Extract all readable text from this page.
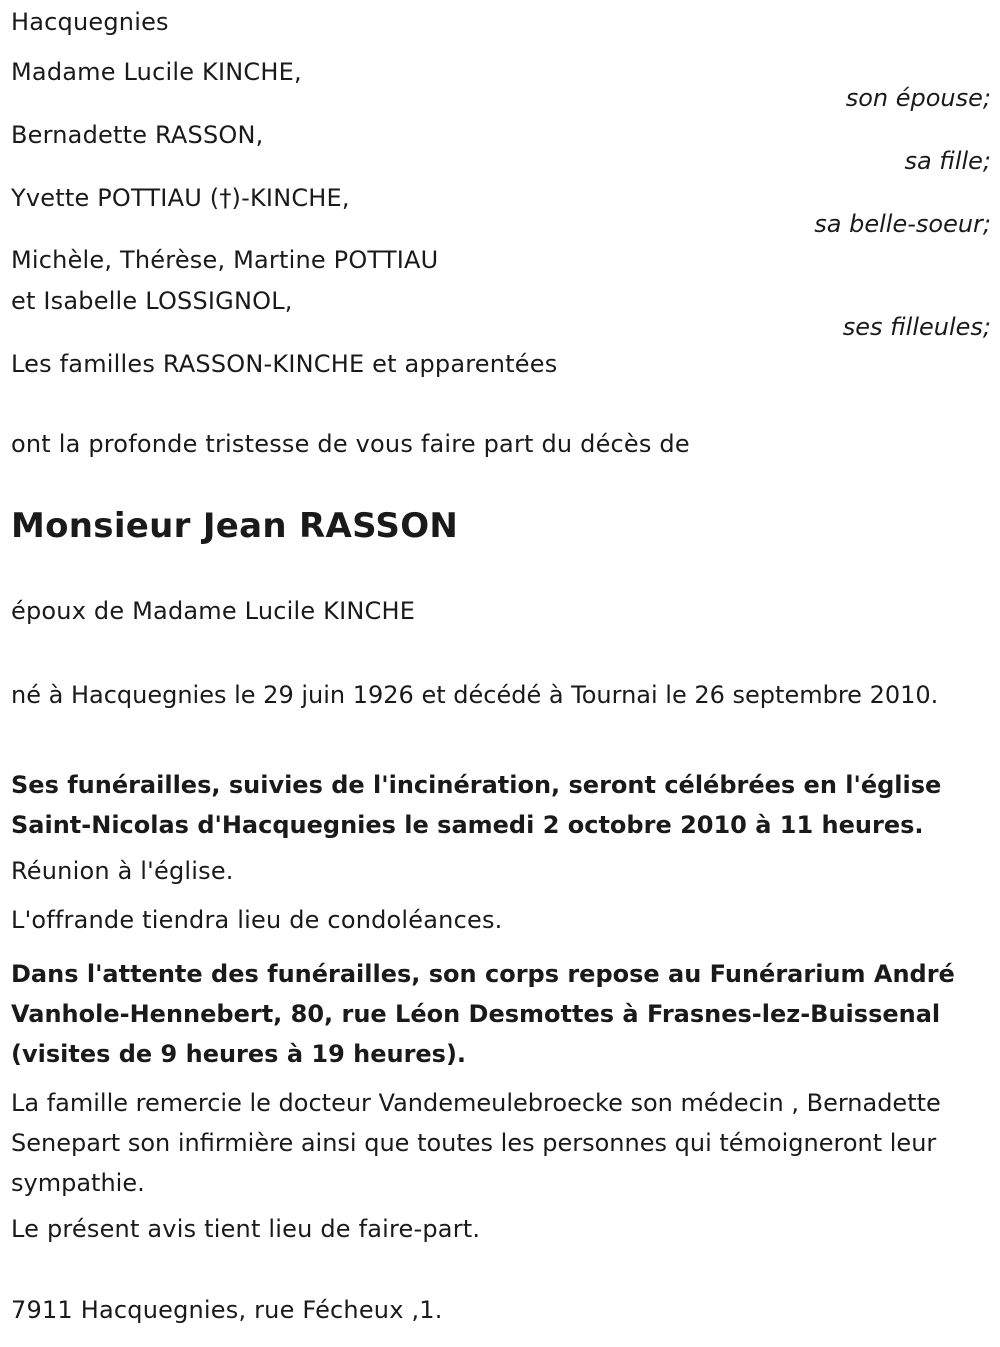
Hacquegnies
Madame Lucile KINCHE,
son épouse;
Bernadette RASSON,
sa fille;
Yvette POTTIAU (†)-KINCHE,
sa belle-soeur;
Michèle, Thérèse, Martine POTTIAU
et Isabelle LOSSIGNOL,
ses filleules;
Les familles RASSON-KINCHE et apparentées
ont la profonde tristesse de vous faire part du décès de
Monsieur Jean RASSON
époux de Madame Lucile KINCHE
né à Hacquegnies le 29 juin 1926 et décédé à Tournai le 26 septembre 2010.
Ses funérailles, suivies de l'incinération, seront célébrées en l'église Saint-Nicolas d'Hacquegnies le samedi 2 octobre 2010 à 11 heures.
Réunion à l'église.
L'offrande tiendra lieu de condoléances.
Dans l'attente des funérailles, son corps repose au Funérarium André Vanhole-Hennebert, 80, rue Léon Desmottes à Frasnes-lez-Buissenal (visites de 9 heures à 19 heures).
La famille remercie le docteur Vandemeulebroecke son médecin , Bernadette Senepart son infirmière ainsi que toutes les personnes qui témoigneront leur sympathie.
Le présent avis tient lieu de faire-part.
7911 Hacquegnies, rue Fécheux ,1.
